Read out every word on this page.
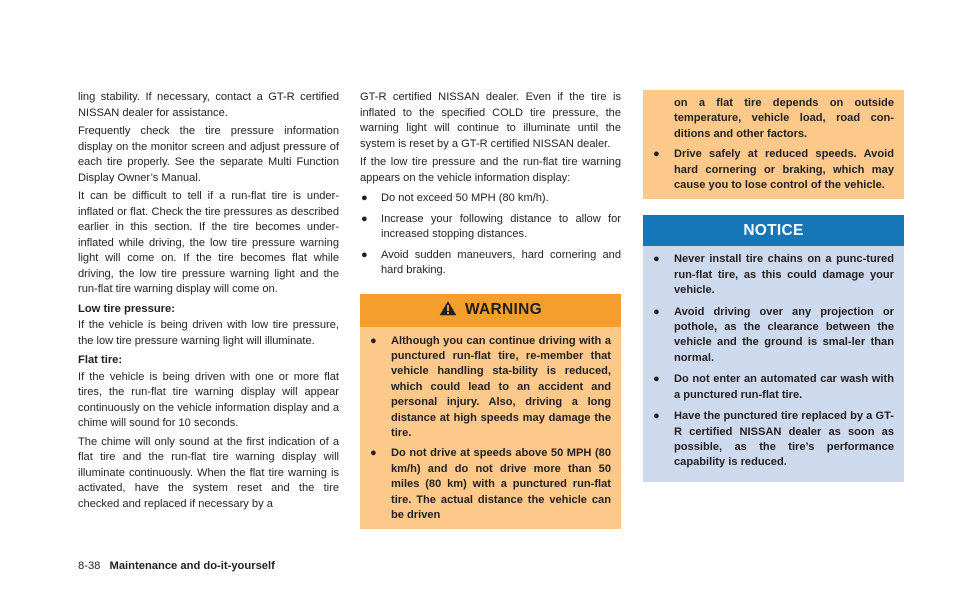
ling stability. If necessary, contact a GT-R certified NISSAN dealer for assistance.

Frequently check the tire pressure information display on the monitor screen and adjust pressure of each tire properly. See the separate Multi Function Display Owner’s Manual.

It can be difficult to tell if a run-flat tire is under-inflated or flat. Check the tire pressures as described earlier in this section. If the tire becomes under-inflated while driving, the low tire pressure warning light will come on. If the tire becomes flat while driving, the low tire pressure warning light and the run-flat tire warning display will come on.

Low tire pressure:

If the vehicle is being driven with low tire pressure, the low tire pressure warning light will illuminate.

Flat tire:

If the vehicle is being driven with one or more flat tires, the run-flat tire warning display will appear continuously on the vehicle information display and a chime will sound for 10 seconds.

The chime will only sound at the first indication of a flat tire and the run-flat tire warning display will illuminate continuously. When the flat tire warning is activated, have the system reset and the tire checked and replaced if necessary by a

GT-R certified NISSAN dealer. Even if the tire is inflated to the specified COLD tire pressure, the warning light will continue to illuminate until the system is reset by a GT-R certified NISSAN dealer.

If the low tire pressure and the run-flat tire warning appears on the vehicle information display:

● Do not exceed 50 MPH (80 km/h).
● Increase your following distance to allow for increased stopping distances.
● Avoid sudden maneuvers, hard cornering and hard braking.
WARNING
● Although you can continue driving with a punctured run-flat tire, re-member that vehicle handling sta-bility is reduced, which could lead to an accident and personal injury. Also, driving a long distance at high speeds may damage the tire.
● Do not drive at speeds above 50 MPH (80 km/h) and do not drive more than 50 miles (80 km) with a punctured run-flat tire. The actual distance the vehicle can be driven
on a flat tire depends on outside temperature, vehicle load, road con-ditions and other factors.
● Drive safely at reduced speeds. Avoid hard cornering or braking, which may cause you to lose control of the vehicle.
NOTICE
● Never install tire chains on a punc-tured run-flat tire, as this could damage your vehicle.
● Avoid driving over any projection or pothole, as the clearance between the vehicle and the ground is smal-ler than normal.
● Do not enter an automated car wash with a punctured run-flat tire.
● Have the punctured tire replaced by a GT-R certified NISSAN dealer as soon as possible, as the tire’s performance capability is reduced.
8-38 Maintenance and do-it-yourself
